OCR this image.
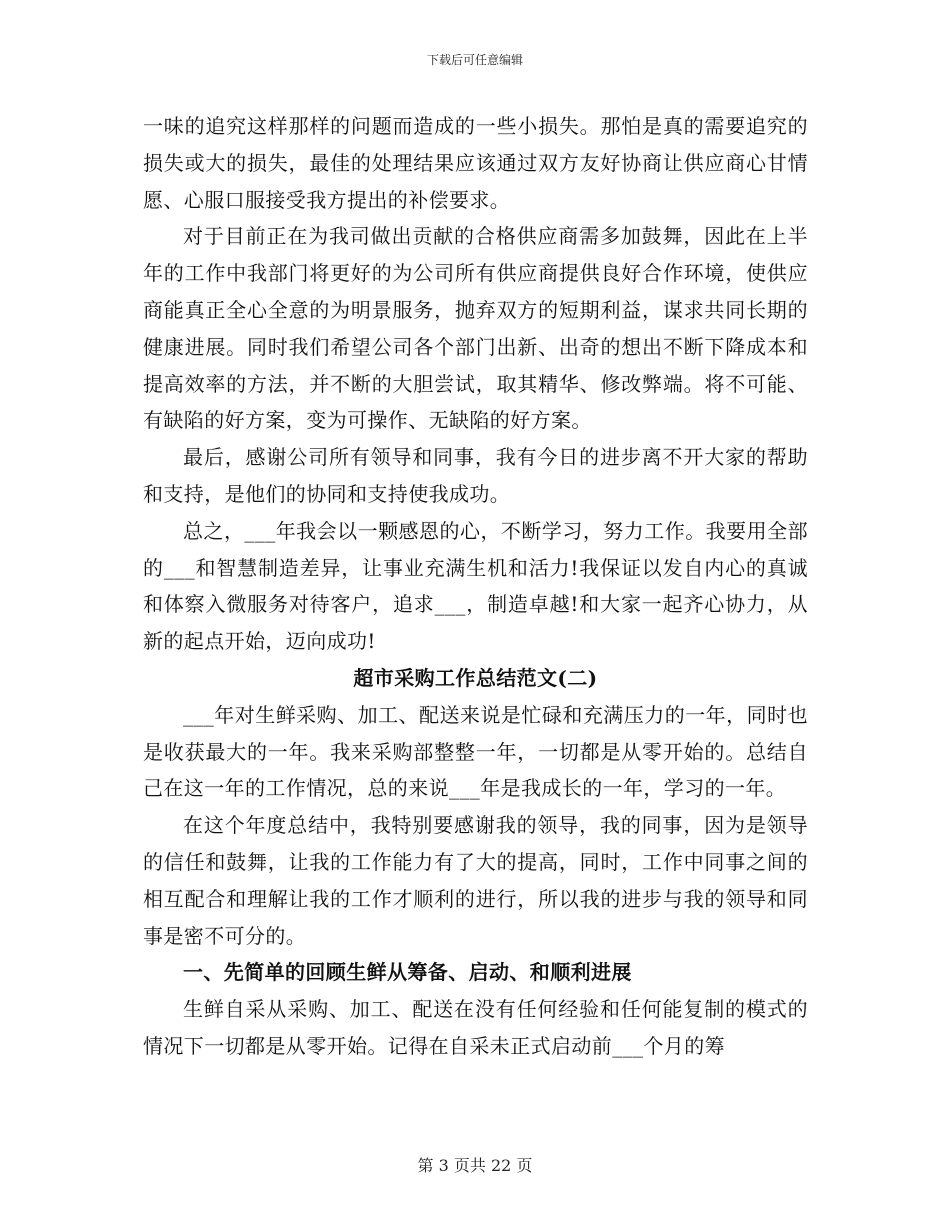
下载后可任意编辑

一味的追究这样那样的问题而造成的一些小损失。那怕是真的需要追究的损失或大的损失，最佳的处理结果应该通过双方友好协商让供应商心甘情愿、心服口服接受我方提出的补偿要求。

对于目前正在为我司做出贡献的合格供应商需多加鼓舞，因此在上半年的工作中我部门将更好的为公司所有供应商提供良好合作环境，使供应商能真正全心全意的为明景服务，抛弃双方的短期利益，谋求共同长期的健康进展。同时我们希望公司各个部门出新、出奇的想出不断下降成本和提高效率的方法，并不断的大胆尝试，取其精华、修改弊端。将不可能、有缺陷的好方案，变为可操作、无缺陷的好方案。

最后，感谢公司所有领导和同事，我有今日的进步离不开大家的帮助和支持，是他们的协同和支持使我成功。

总之，___年我会以一颗感恩的心，不断学习，努力工作。我要用全部的___和智慧制造差异，让事业充满生机和活力!我保证以发自内心的真诚和体察入微服务对待客户，追求___，制造卓越!和大家一起齐心协力，从新的起点开始，迈向成功!

超市采购工作总结范文(二)

___年对生鲜采购、加工、配送来说是忙碌和充满压力的一年，同时也是收获最大的一年。我来采购部整整一年，一切都是从零开始的。总结自己在这一年的工作情况，总的来说___年是我成长的一年，学习的一年。

在这个年度总结中，我特别要感谢我的领导，我的同事，因为是领导的信任和鼓舞，让我的工作能力有了大的提高，同时，工作中同事之间的相互配合和理解让我的工作才顺利的进行，所以我的进步与我的领导和同事是密不可分的。

一、先简单的回顾生鲜从筹备、启动、和顺利进展

生鲜自采从采购、加工、配送在没有任何经验和任何能复制的模式的情况下一切都是从零开始。记得在自采未正式启动前___个月的筹

第 3 页共 22 页
